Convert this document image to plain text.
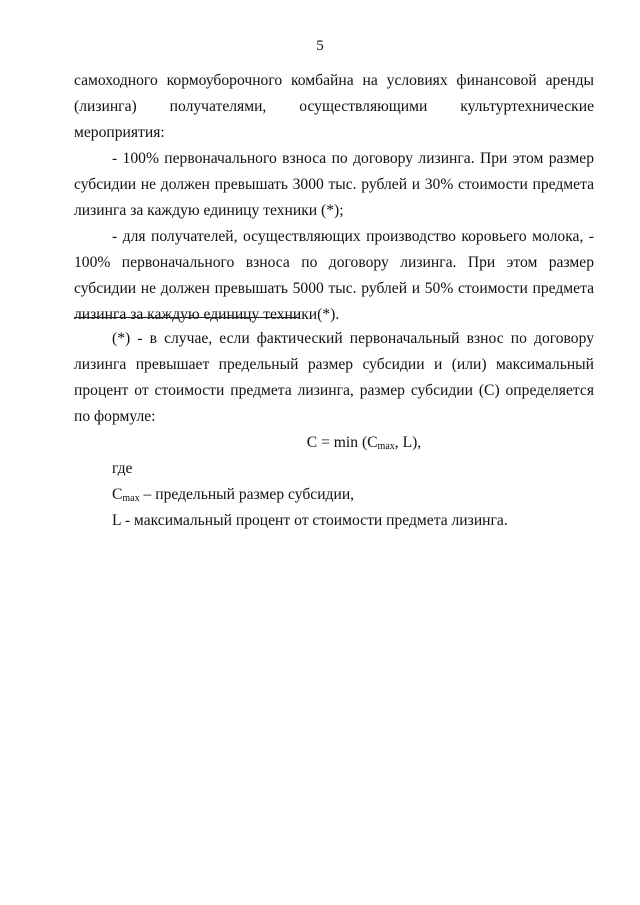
5

самоходного кормоуборочного комбайна на условиях финансовой аренды (лизинга) получателями, осуществляющими культуртехнические мероприятия:

- 100% первоначального взноса по договору лизинга. При этом размер субсидии не должен превышать 3000 тыс. рублей и 30% стоимости предмета лизинга за каждую единицу техники (*);

- для получателей, осуществляющих производство коровьего молока, - 100% первоначального взноса по договору лизинга. При этом размер субсидии не должен превышать 5000 тыс. рублей и 50% стоимости предмета лизинга за каждую единицу техники(*).

(*) - в случае, если фактический первоначальный взнос по договору лизинга превышает предельный размер субсидии и (или) максимальный процент от стоимости предмета лизинга, размер субсидии (С) определяется по формуле:

$C = \min (C_{max}$, L),

где

$C_{max}$ – предельный размер субсидии,

L - максимальный процент от стоимости предмета лизинга.
